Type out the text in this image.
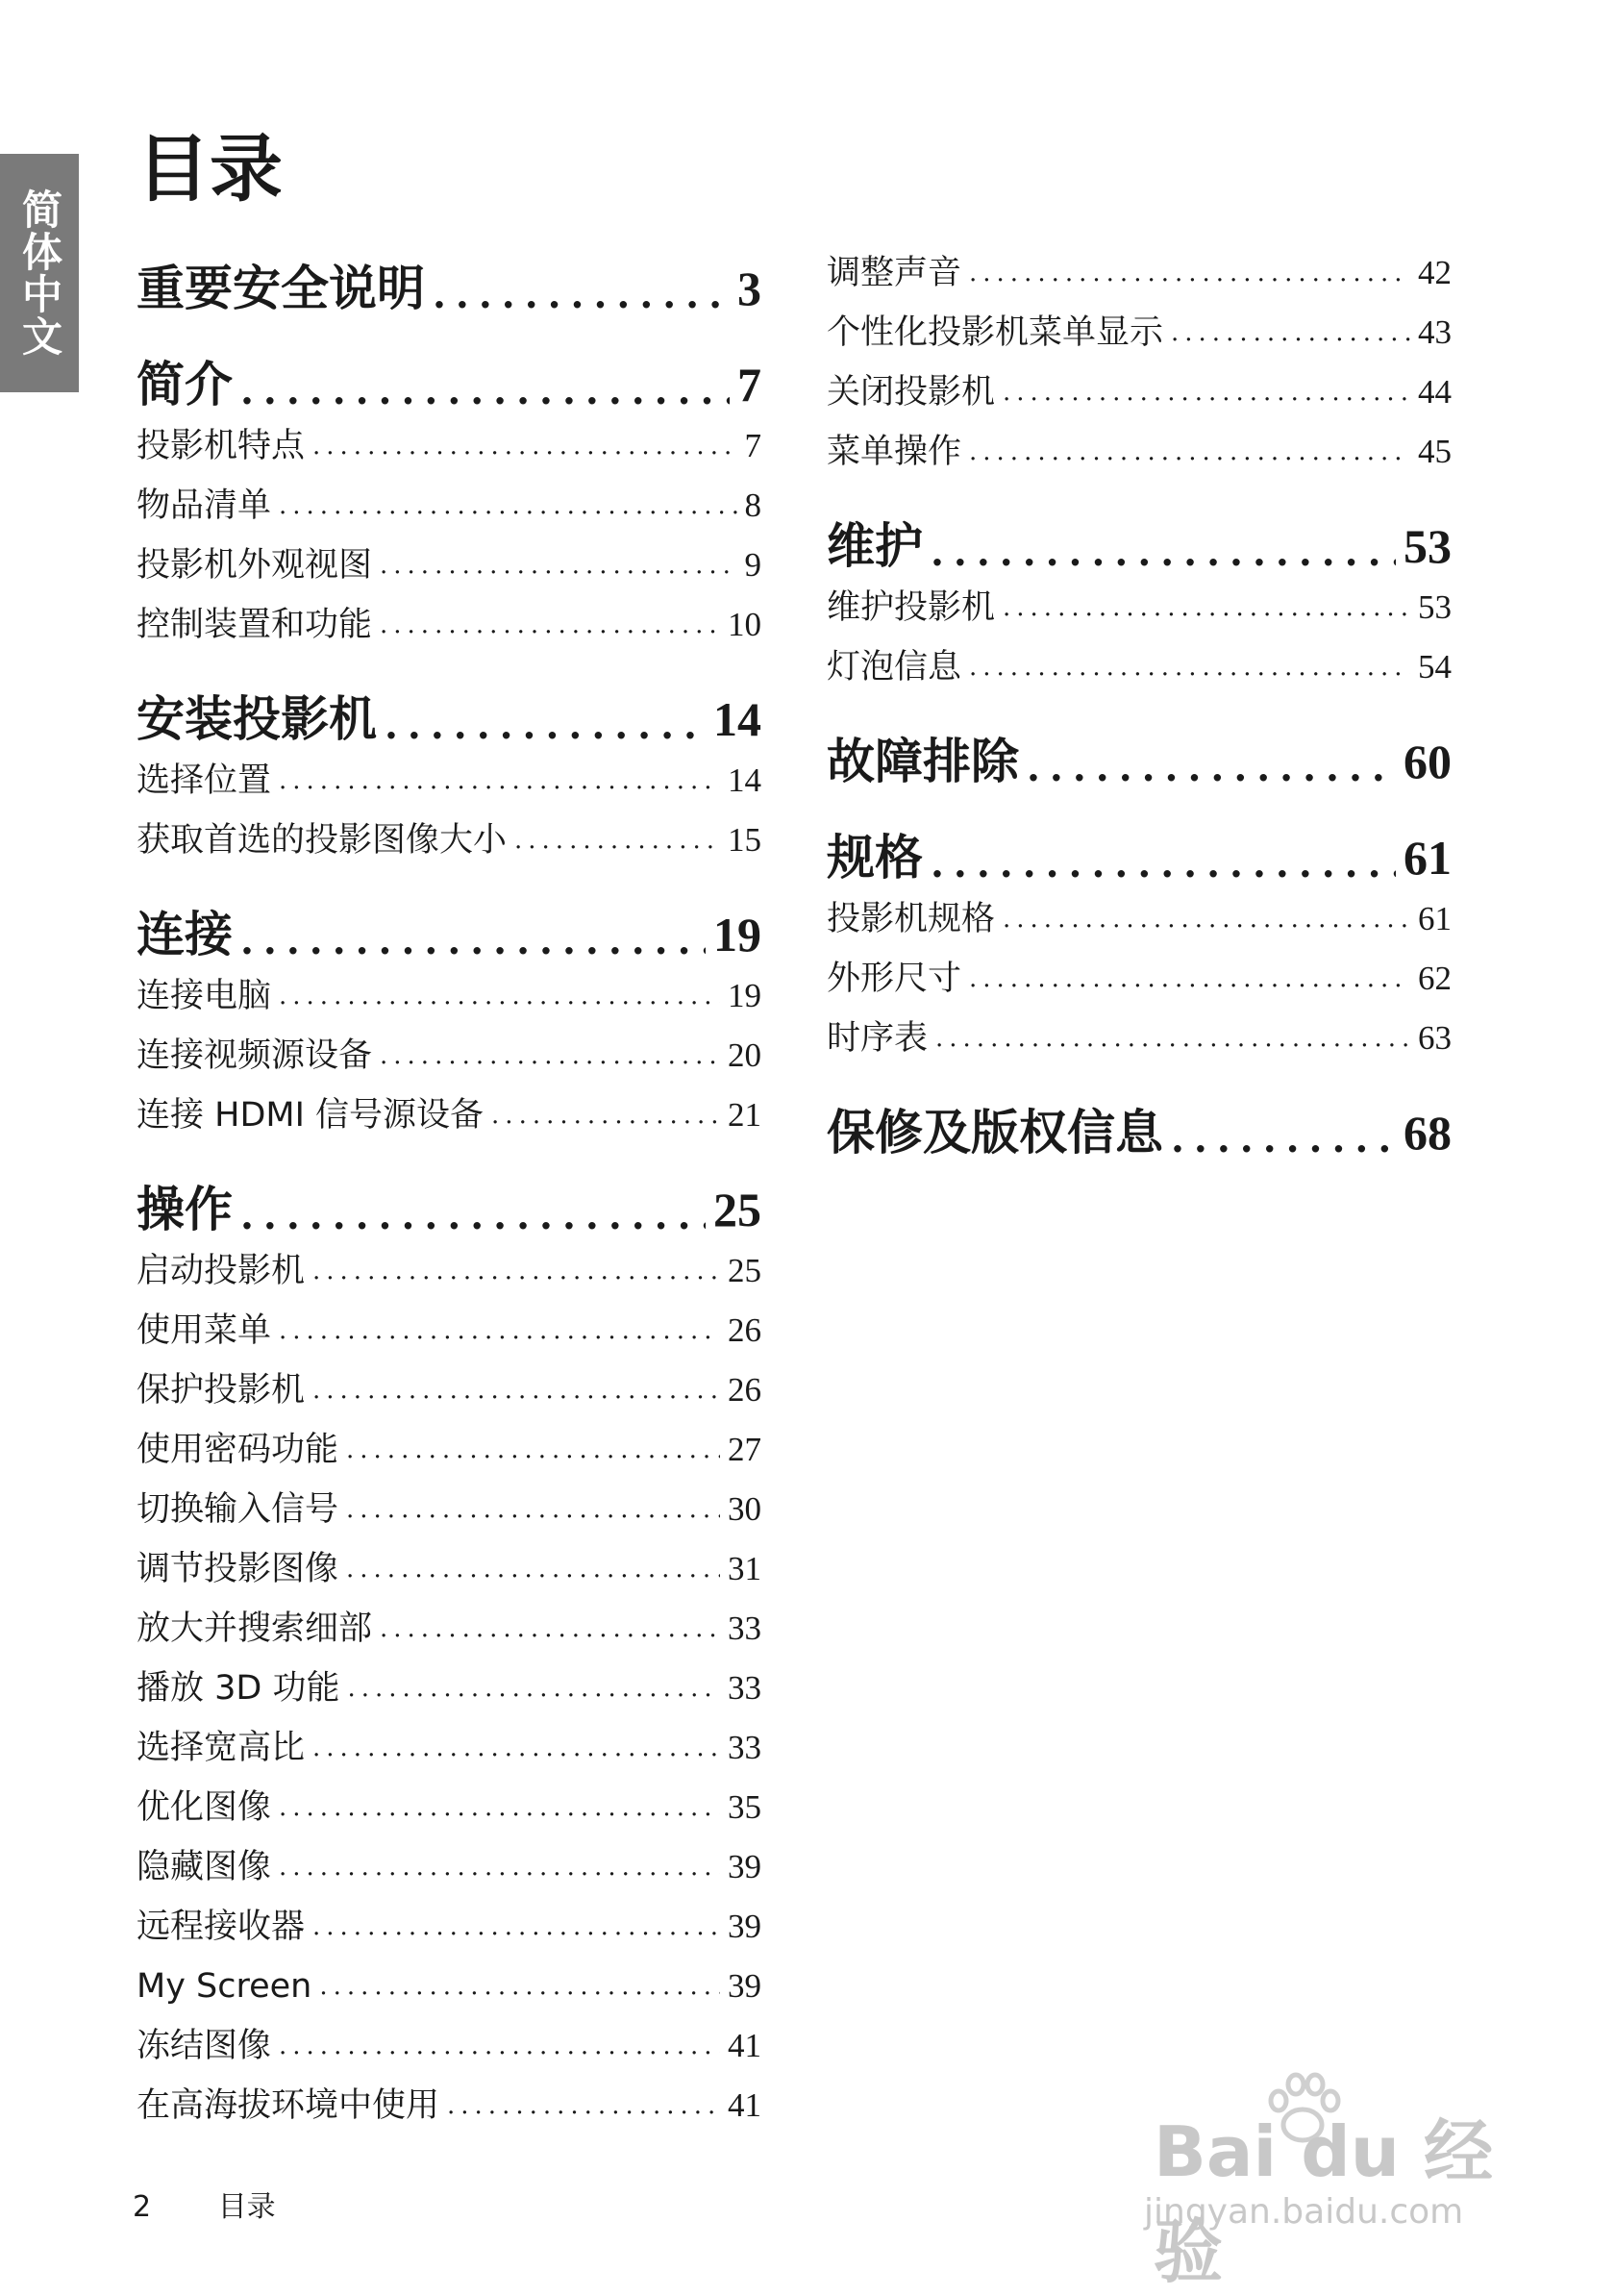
简体中文
目录
重要安全说明 .....	3
简介 .....	7
投影机特点 .....	7
物品清单 .....	8
投影机外观视图 .....	9
控制装置和功能 .....	10
安装投影机 .....	14
选择位置 .....	14
获取首选的投影图像大小 .....	15
连接 .....	19
连接电脑 .....	19
连接视频源设备 .....	20
连接 HDMI 信号源设备 .....	21
操作 .....	25
启动投影机 .....	25
使用菜单 .....	26
保护投影机 .....	26
使用密码功能 .....	27
切换输入信号 .....	30
调节投影图像 .....	31
放大并搜索细部 .....	33
播放 3D 功能 .....	33
选择宽高比 .....	33
优化图像 .....	35
隐藏图像 .....	39
远程接收器 .....	39
My Screen .....	39
冻结图像 .....	41
在高海拔环境中使用 .....	41
调整声音 .....	42
个性化投影机菜单显示 .....	43
关闭投影机 .....	44
菜单操作 .....	45
维护 .....	53
维护投影机 .....	53
灯泡信息 .....	54
故障排除 .....	60
规格 .....	61
投影机规格 .....	61
外形尺寸 .....	62
时序表 .....	63
保修及版权信息 .....	68
2 目录
Bai du 经验
jingyan.baidu.com
